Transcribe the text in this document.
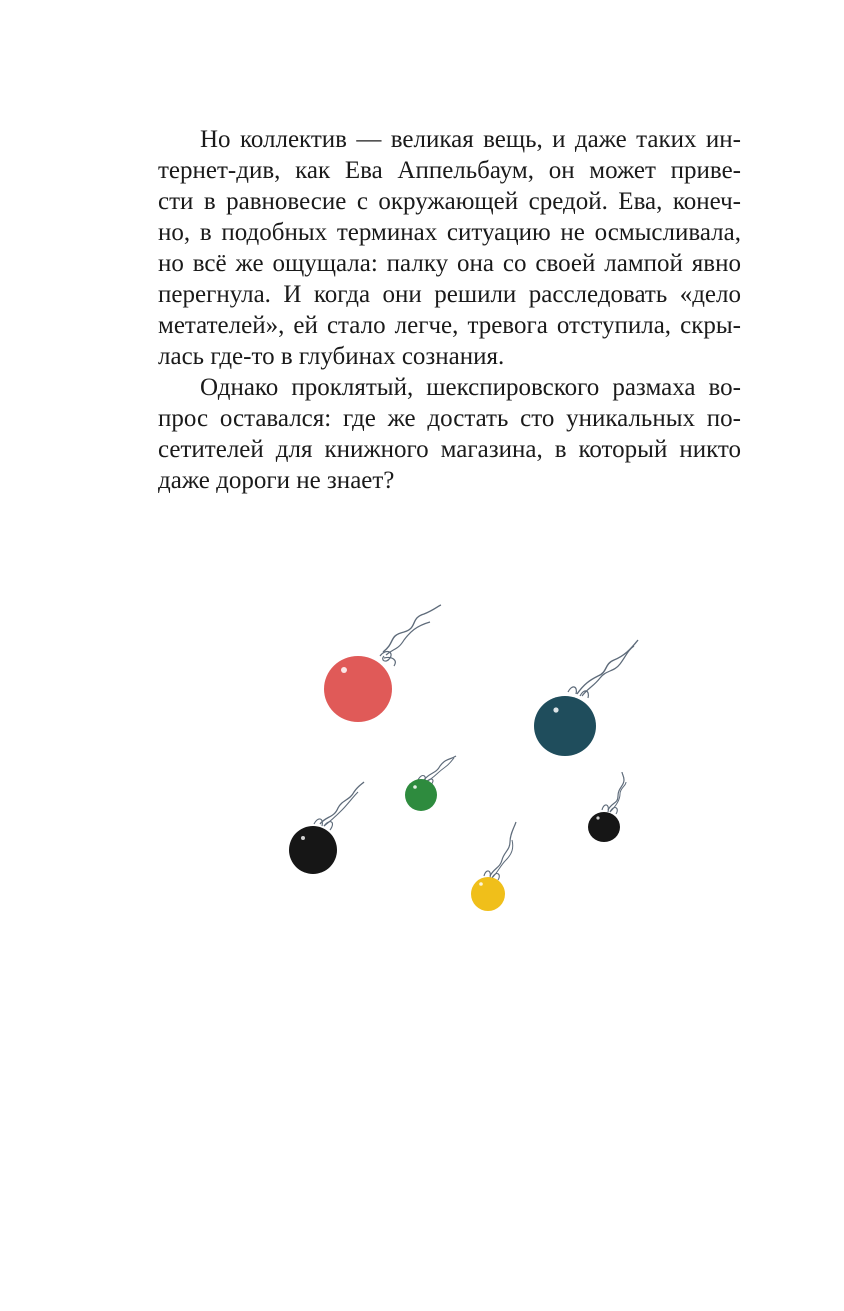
Но коллектив — великая вещь, и даже таких ин-
тернет-див, как Ева Аппельбаум, он может приве-
сти в равновесие с окружающей средой. Ева, конеч-
но, в подобных терминах ситуацию не осмысливала,
но всё же ощущала: палку она со своей лампой явно
перегнула. И когда они решили расследовать «дело
метателей», ей стало легче, тревога отступила, скры-
лась где-то в глубинах сознания.

Однако проклятый, шекспировского размаха во-
прос оставался: где же достать сто уникальных по-
сетителей для книжного магазина, в который никто
даже дороги не знает?
